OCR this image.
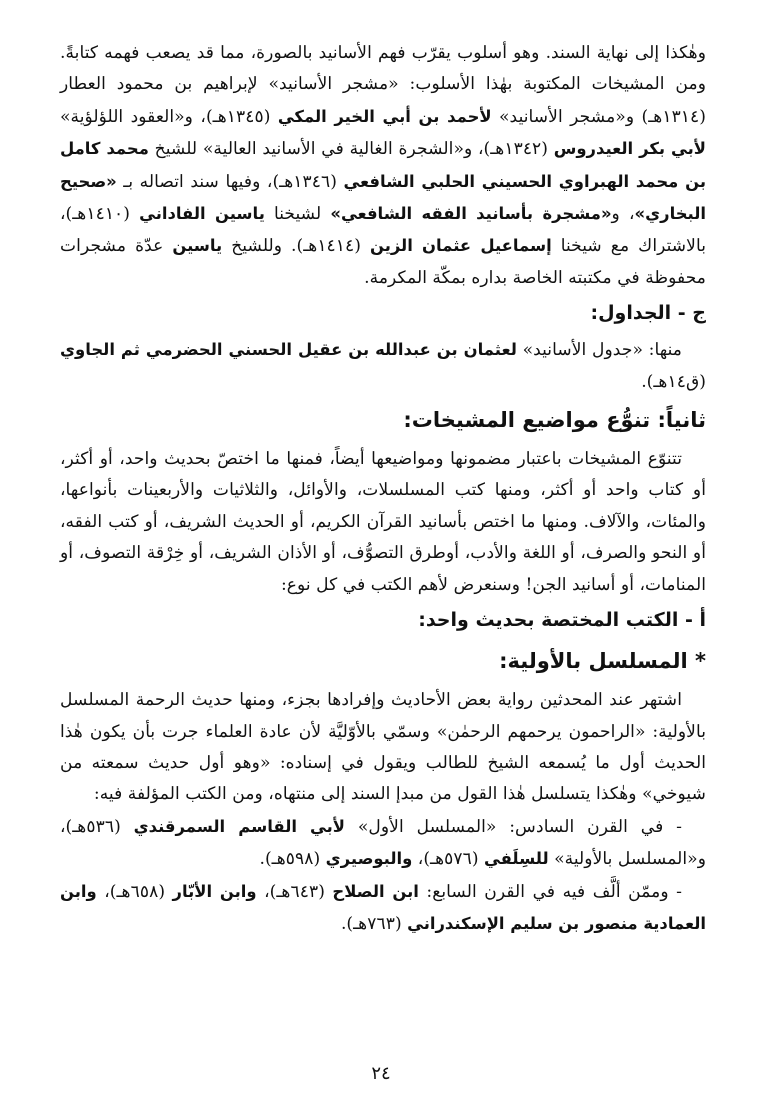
وهٰكذا إلى نهاية السند. وهو أسلوب يقرّب فهم الأسانيد بالصورة، مما قد يصعب فهمه كتابةً. ومن المشيخات المكتوبة بهٰذا الأسلوب: «مشجر الأسانيد» لإبراهيم بن محمود العطار (١٣١٤هـ) و«مشجر الأسانيد» لأحمد بن أبي الخير المكي (١٣٤٥هـ)، و«العقود اللؤلؤية» لأبي بكر العيدروس (١٣٤٢هـ)، و«الشجرة الغالية في الأسانيد العالية» للشيخ محمد كامل بن محمد الهبراوي الحسيني الحلبي الشافعي (١٣٤٦هـ)، وفيها سند اتصاله بـ «صحيح البخاري»، و«مشجرة بأسانيد الفقه الشافعي» لشيخنا ياسين الفاداني (١٤١٠هـ)، بالاشتراك مع شيخنا إسماعيل عثمان الزين (١٤١٤هـ). وللشيخ ياسين عدّة مشجرات محفوظة في مكتبته الخاصة بداره بمكّة المكرمة.

ج - الجداول:

منها: «جدول الأسانيد» لعثمان بن عبدالله بن عقيل الحسني الحضرمي ثم الجاوي (ق١٤هـ).

ثانياً: تنوُّع مواضيع المشيخات:

تتنوّع المشيخات باعتبار مضمونها ومواضيعها أيضاً، فمنها ما اختصّ بحديث واحد، أو أكثر، أو كتاب واحد أو أكثر، ومنها كتب المسلسلات، والأوائل، والثلاثيات والأربعينات بأنواعها، والمئات، والآلاف. ومنها ما اختص بأسانيد القرآن الكريم، أو الحديث الشريف، أو كتب الفقه، أو النحو والصرف، أو اللغة والأدب، أوطرق التصوُّف، أو الأذان الشريف، أو خِرْقة التصوف، أو المنامات، أو أسانيد الجن! وسنعرض لأهم الكتب في كل نوع:

أ - الكتب المختصة بحديث واحد:
* المسلسل بالأولية:

اشتهر عند المحدثين رواية بعض الأحاديث وإفرادها بجزء، ومنها حديث الرحمة المسلسل بالأولية: «الراحمون يرحمهم الرحمٰن» وسمّي بالأوّليَّة لأن عادة العلماء جرت بأن يكون هٰذا الحديث أول ما يُسمعه الشيخ للطالب ويقول في إسناده: «وهو أول حديث سمعته من شيوخي» وهٰكذا يتسلسل هٰذا القول من مبدإ السند إلى منتهاه، ومن الكتب المؤلفة فيه:

- في القرن السادس: «المسلسل الأول» لأبي القاسم السمرقندي (٥٣٦هـ)، و«المسلسل بالأولية» للسِلَفي (٥٧٦هـ)، والبوصيري (٥٩٨هـ).

- وممّن ألَّف فيه في القرن السابع: ابن الصلاح (٦٤٣هـ)، وابن الأبّار (٦٥٨هـ)، وابن العمادية منصور بن سليم الإسكندراني (٧٦٣هـ).

٢٤
